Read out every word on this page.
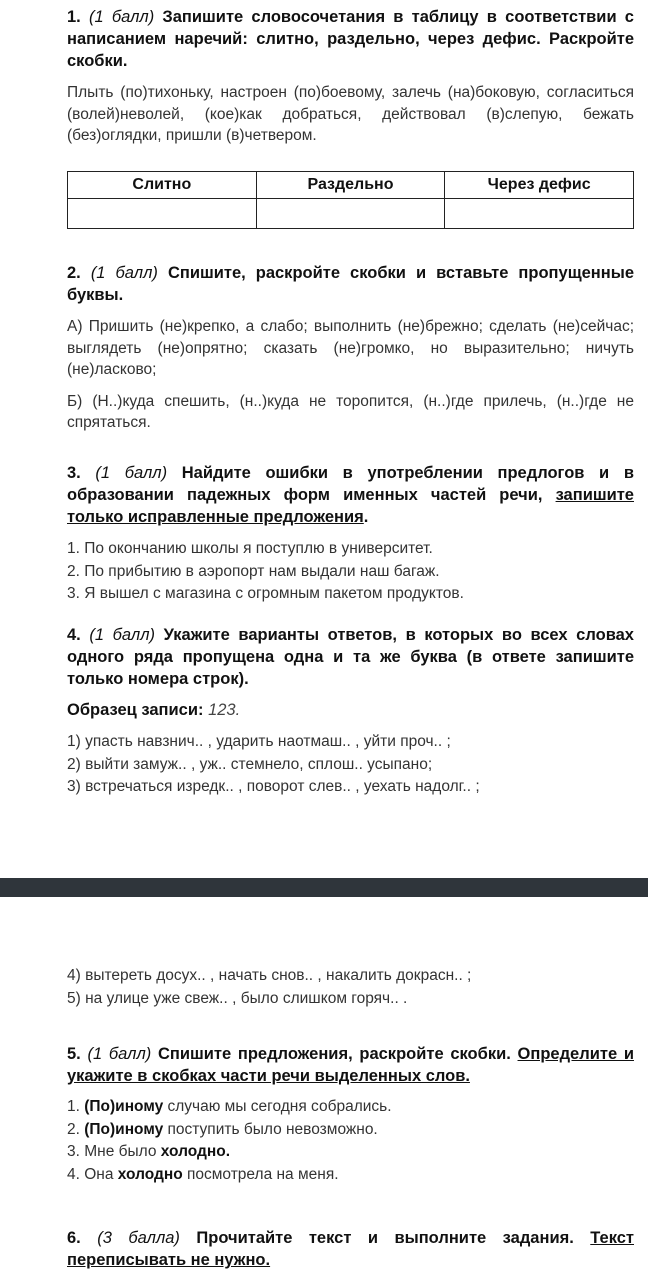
1. (1 балл) Запишите словосочетания в таблицу в соответствии с написанием наречий: слитно, раздельно, через дефис. Раскройте скобки.

Плыть (по)тихоньку, настроен (по)боевому, залечь (на)боковую, согласиться (волей)неволей, (кое)как добраться, действовал (в)слепую, бежать (без)оглядки, пришли (в)четвером.

Слитно	Раздельно	Через дефис

2. (1 балл) Спишите, раскройте скобки и вставьте пропущенные буквы.

А) Пришить (не)крепко, а слабо; выполнить (не)брежно; сделать (не)сейчас; выглядеть (не)опрятно; сказать (не)громко, но выразительно; ничуть (не)ласково;

Б) (Н..)куда спешить, (н..)куда не торопится, (н..)где прилечь, (н..)где не спрятаться.

3. (1 балл) Найдите ошибки в употреблении предлогов и в образовании падежных форм именных частей речи, запишите только исправленные предложения.

1. По окончанию школы я поступлю в университет.

2. По прибытию в аэропорт нам выдали наш багаж.

3. Я вышел с магазина с огромным пакетом продуктов.

4. (1 балл) Укажите варианты ответов, в которых во всех словах одного ряда пропущена одна и та же буква (в ответе запишите только номера строк).

Образец записи: 123.

1) упасть навзнич.. , ударить наотмаш.. , уйти проч.. ;

2) выйти замуж.. , уж.. стемнело, сплош.. усыпано;

3) встречаться изредк.. , поворот слев.. , уехать надолг.. ;

4) вытереть досух.. , начать снов.. , накалить докрасн.. ;

5) на улице уже свеж.. , было слишком горяч.. .

5. (1 балл) Спишите предложения, раскройте скобки. Определите и укажите в скобках части речи выделенных слов.

1. (По)иному случаю мы сегодня собрались.

2. (По)иному поступить было невозможно.

3. Мне было холодно.

4. Она холодно посмотрела на меня.

6. (3 балла) Прочитайте текст и выполните задания. Текст переписывать не нужно.
